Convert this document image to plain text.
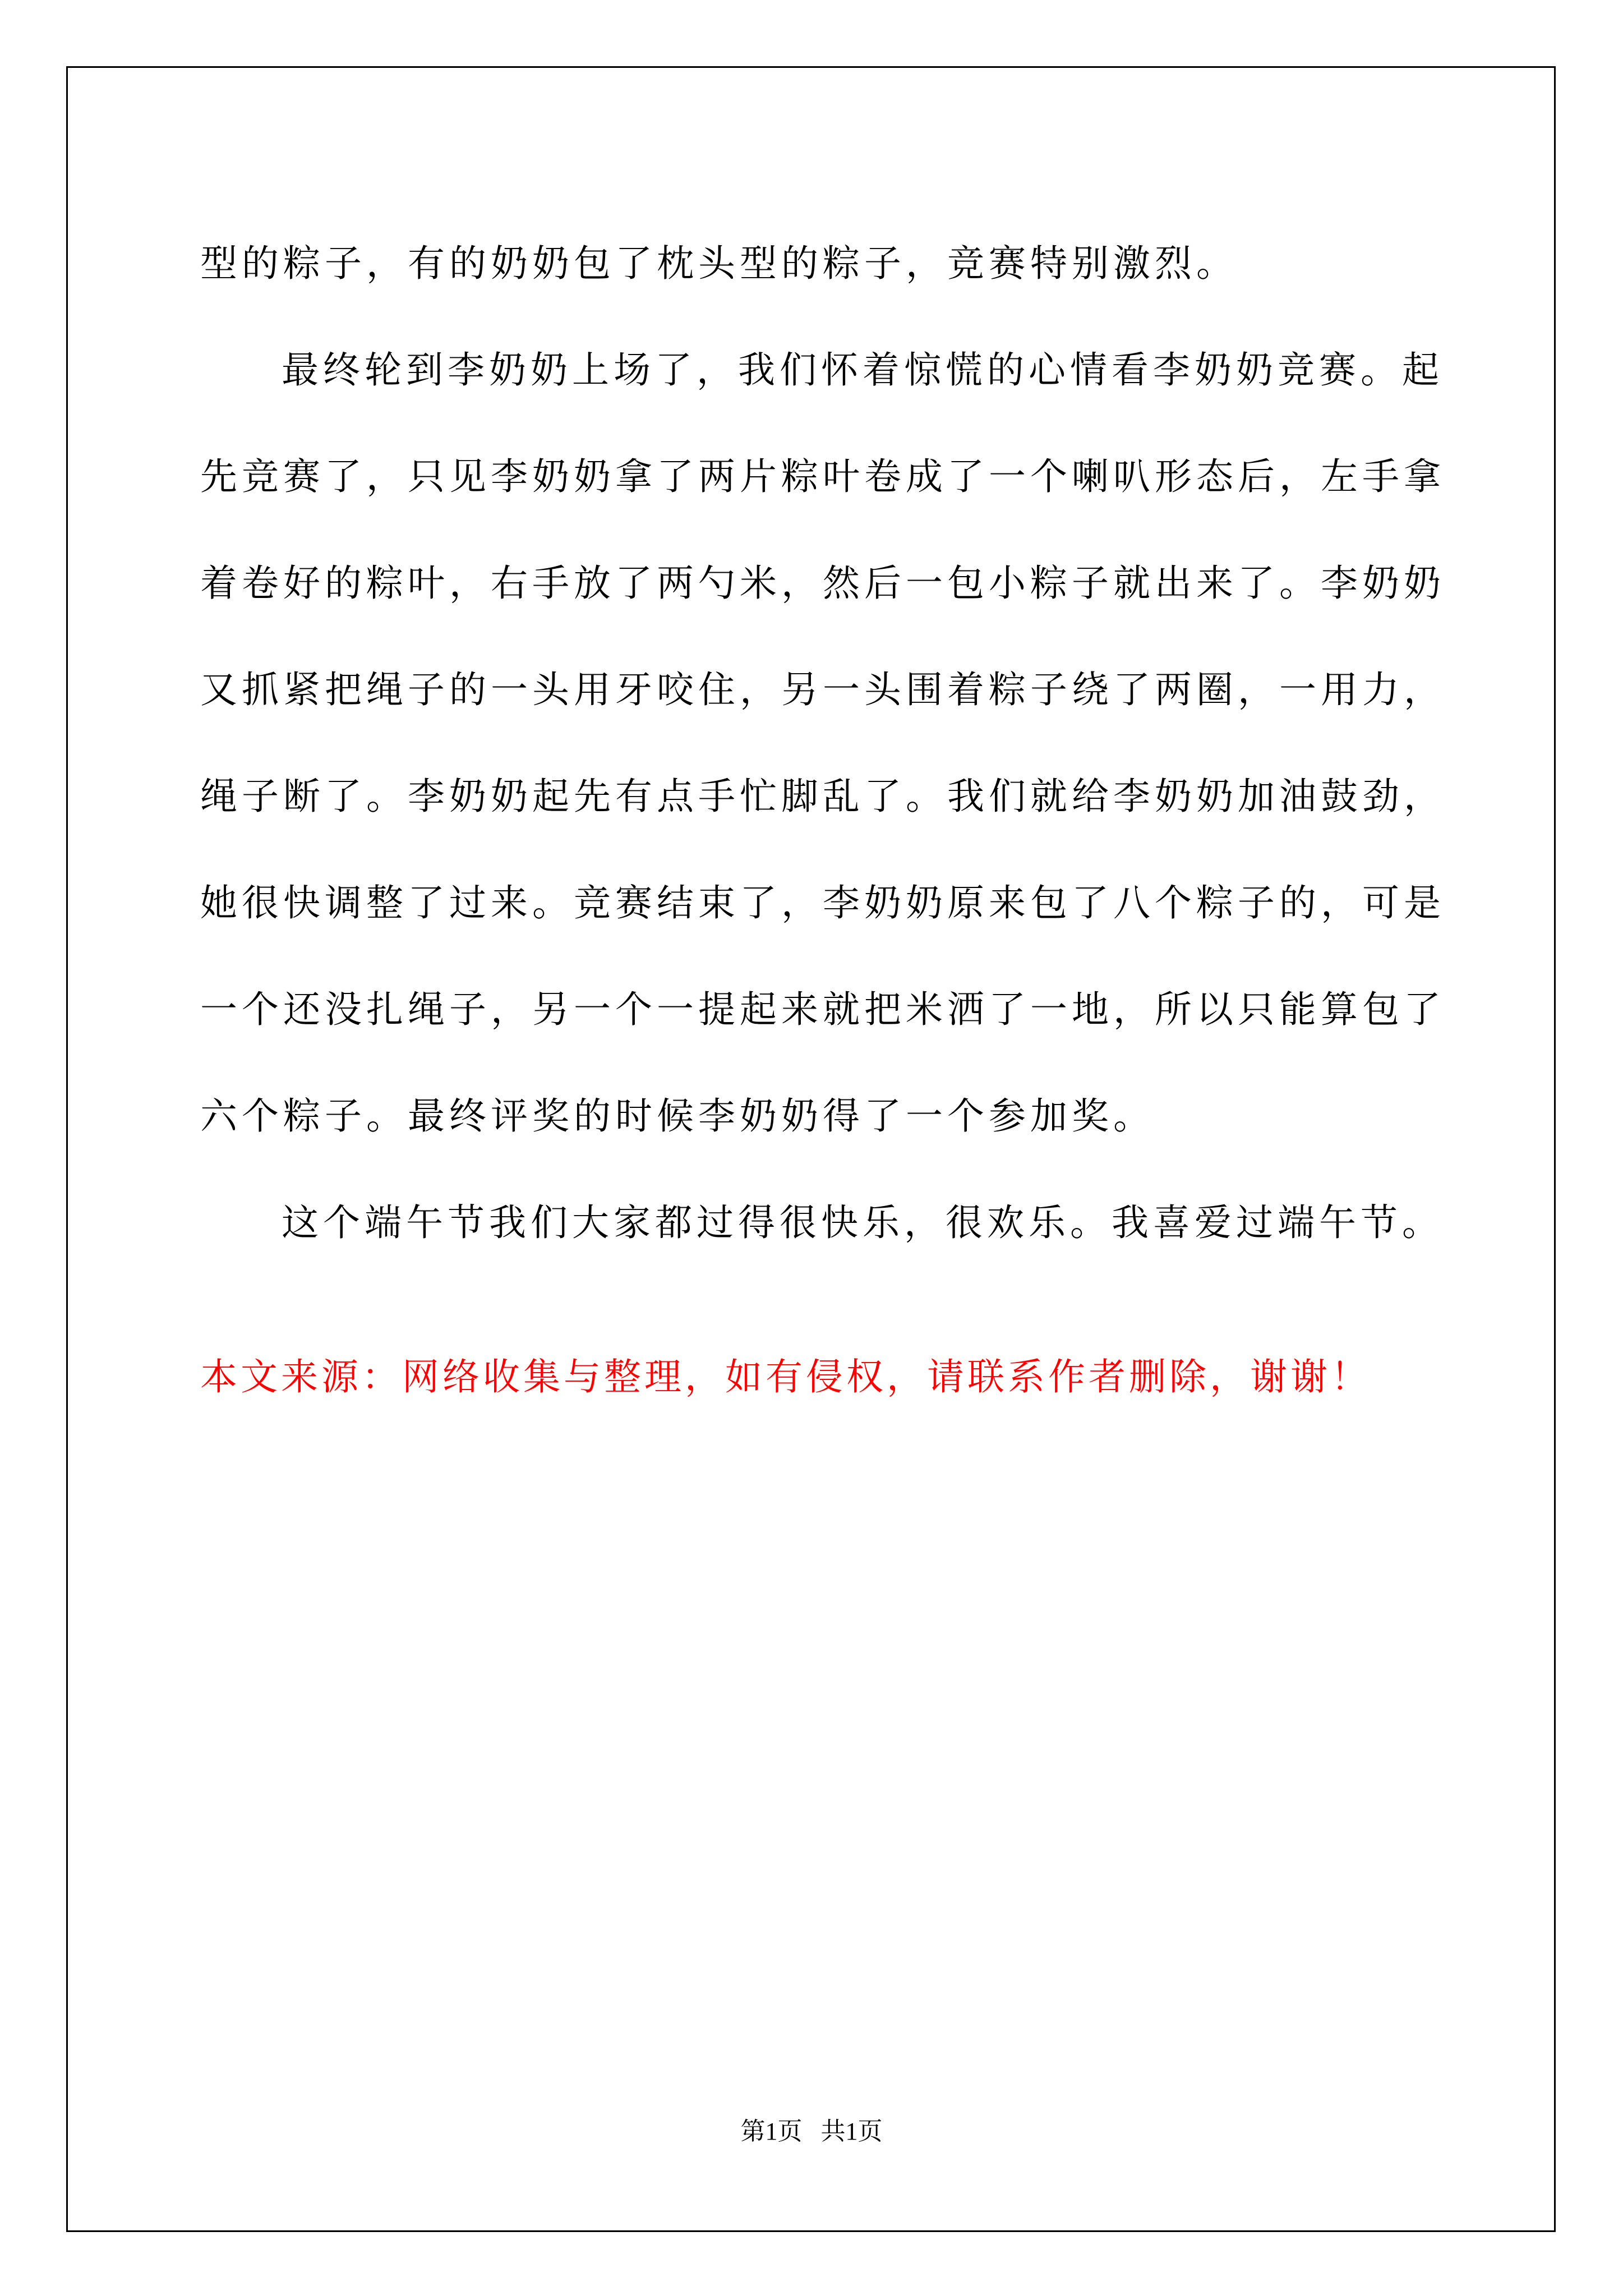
型的粽子，有的奶奶包了枕头型的粽子，竞赛特别激烈。
最终轮到李奶奶上场了，我们怀着惊慌的心情看李奶奶竞赛。起
先竞赛了，只见李奶奶拿了两片粽叶卷成了一个喇叭形态后，左手拿
着卷好的粽叶，右手放了两勺米，然后一包小粽子就出来了。李奶奶
又抓紧把绳子的一头用牙咬住，另一头围着粽子绕了两圈，一用力，
绳子断了。李奶奶起先有点手忙脚乱了。我们就给李奶奶加油鼓劲，
她很快调整了过来。竞赛结束了，李奶奶原来包了八个粽子的，可是
一个还没扎绳子，另一个一提起来就把米洒了一地，所以只能算包了
六个粽子。最终评奖的时候李奶奶得了一个参加奖。
这个端午节我们大家都过得很快乐，很欢乐。我喜爱过端午节。
本文来源：网络收集与整理，如有侵权，请联系作者删除，谢谢！
第1页   共1页
